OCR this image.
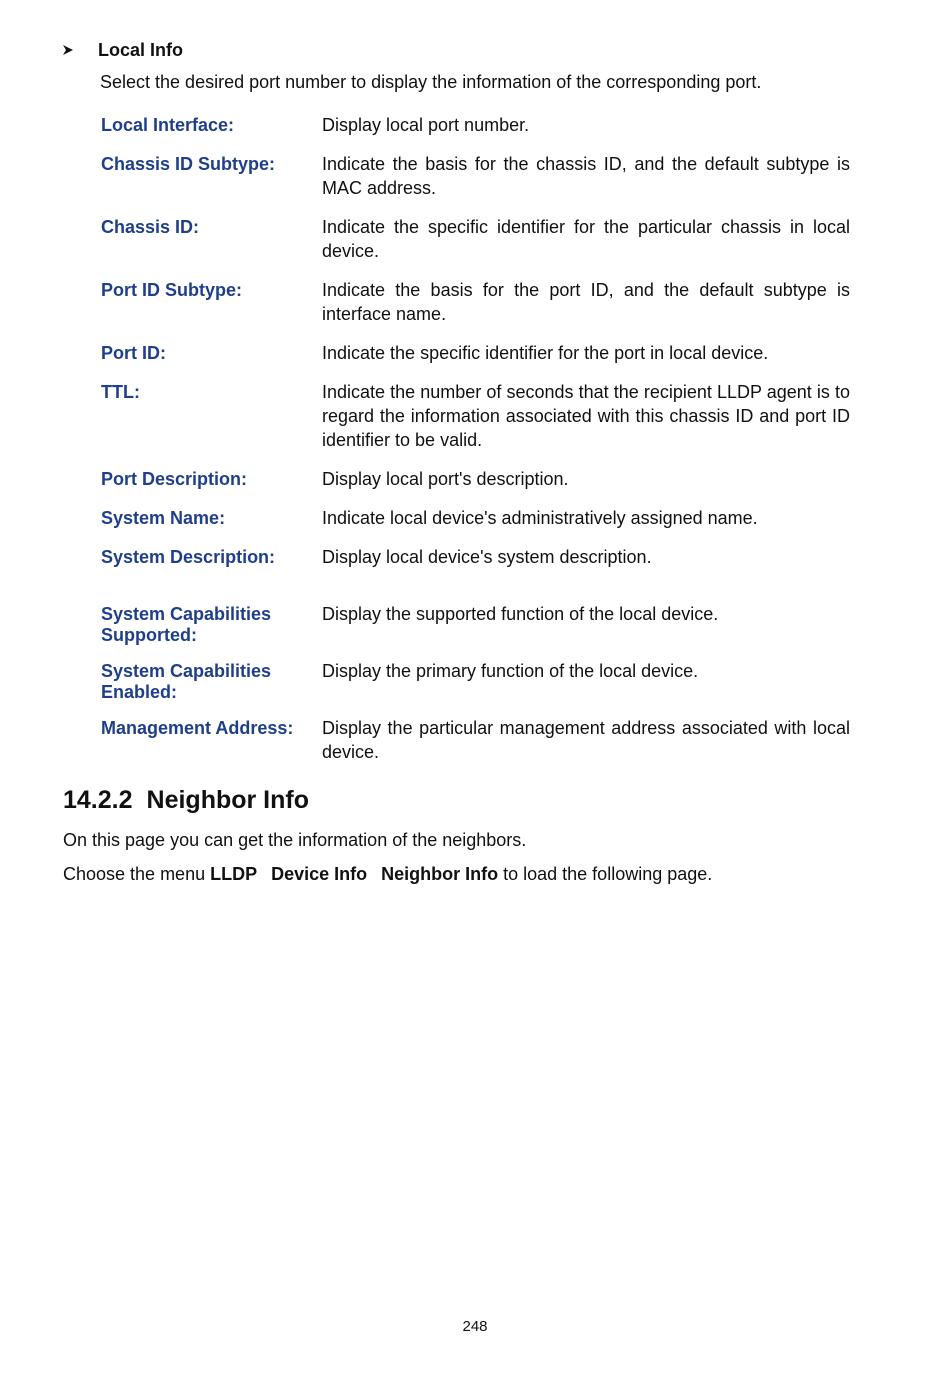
Local Info
Select the desired port number to display the information of the corresponding port.
Local Interface:	Display local port number.
Chassis ID Subtype:	Indicate the basis for the chassis ID, and the default subtype is MAC address.
Chassis ID:	Indicate the specific identifier for the particular chassis in local device.
Port ID Subtype:	Indicate the basis for the port ID, and the default subtype is interface name.
Port ID:	Indicate the specific identifier for the port in local device.
TTL:	Indicate the number of seconds that the recipient LLDP agent is to regard the information associated with this chassis ID and port ID identifier to be valid.
Port Description:	Display local port's description.
System Name:	Indicate local device's administratively assigned name.
System Description:	Display local device's system description.
System Capabilities Supported:
Display the supported function of the local device.
System Capabilities Enabled:
Display the primary function of the local device.
Management Address:	Display the particular management address associated with local device.
14.2.2 Neighbor Info
On this page you can get the information of the neighbors.
Choose the menu LLDP Device Info Neighbor Info to load the following page.
248
